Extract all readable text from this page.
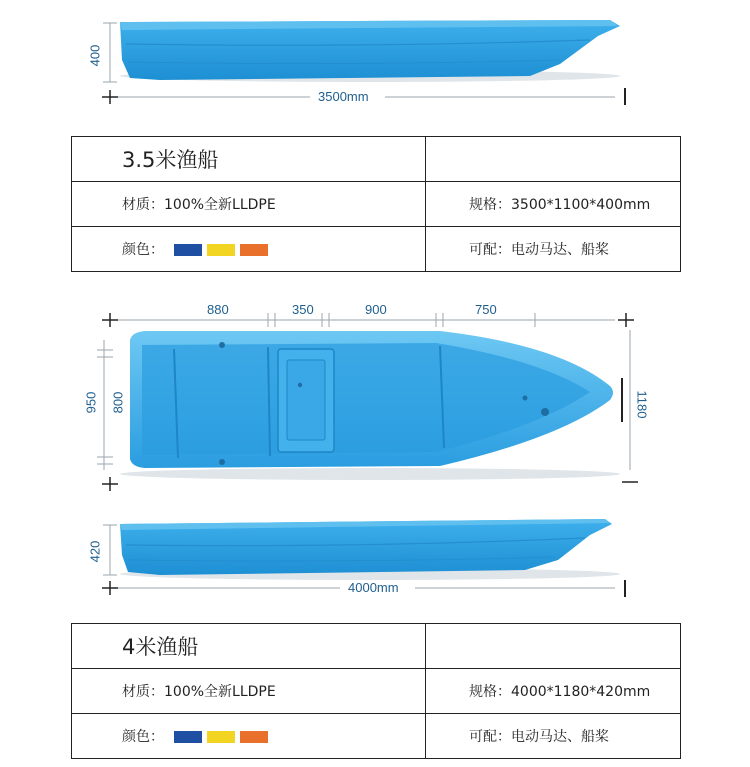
400
3500mm
880	350	900	750
950 800	1180
420
4000mm
3.5米渔船	
材质：100%全新LLDPE	规格：3500*1100*400mm
颜色：	可配：电动马达、船桨
4米渔船	
材质：100%全新LLDPE	规格：4000*1180*420mm
颜色：	可配：电动马达、船桨
